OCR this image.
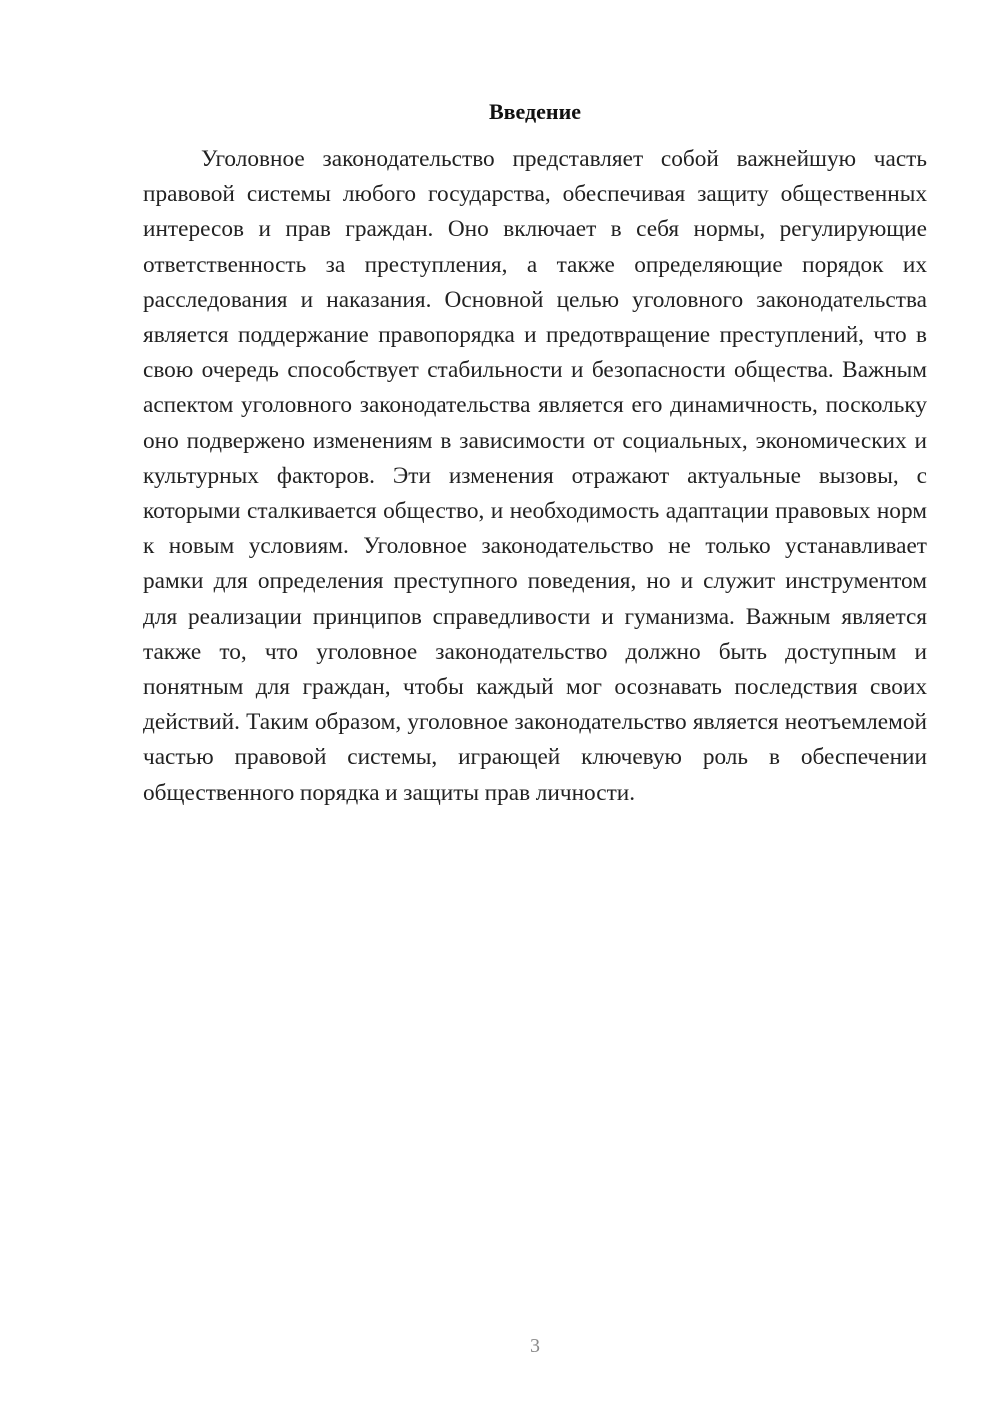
Введение

Уголовное законодательство представляет собой важнейшую часть правовой системы любого государства, обеспечивая защиту общественных интересов и прав граждан. Оно включает в себя нормы, регулирующие ответственность за преступления, а также определяющие порядок их расследования и наказания. Основной целью уголовного законодательства является поддержание правопорядка и предотвращение преступлений, что в свою очередь способствует стабильности и безопасности общества. Важным аспектом уголовного законодательства является его динамичность, поскольку оно подвержено изменениям в зависимости от социальных, экономических и культурных факторов. Эти изменения отражают актуальные вызовы, с которыми сталкивается общество, и необходимость адаптации правовых норм к новым условиям. Уголовное законодательство не только устанавливает рамки для определения преступного поведения, но и служит инструментом для реализации принципов справедливости и гуманизма. Важным является также то, что уголовное законодательство должно быть доступным и понятным для граждан, чтобы каждый мог осознавать последствия своих действий. Таким образом, уголовное законодательство является неотъемлемой частью правовой системы, играющей ключевую роль в обеспечении общественного порядка и защиты прав личности.

3
